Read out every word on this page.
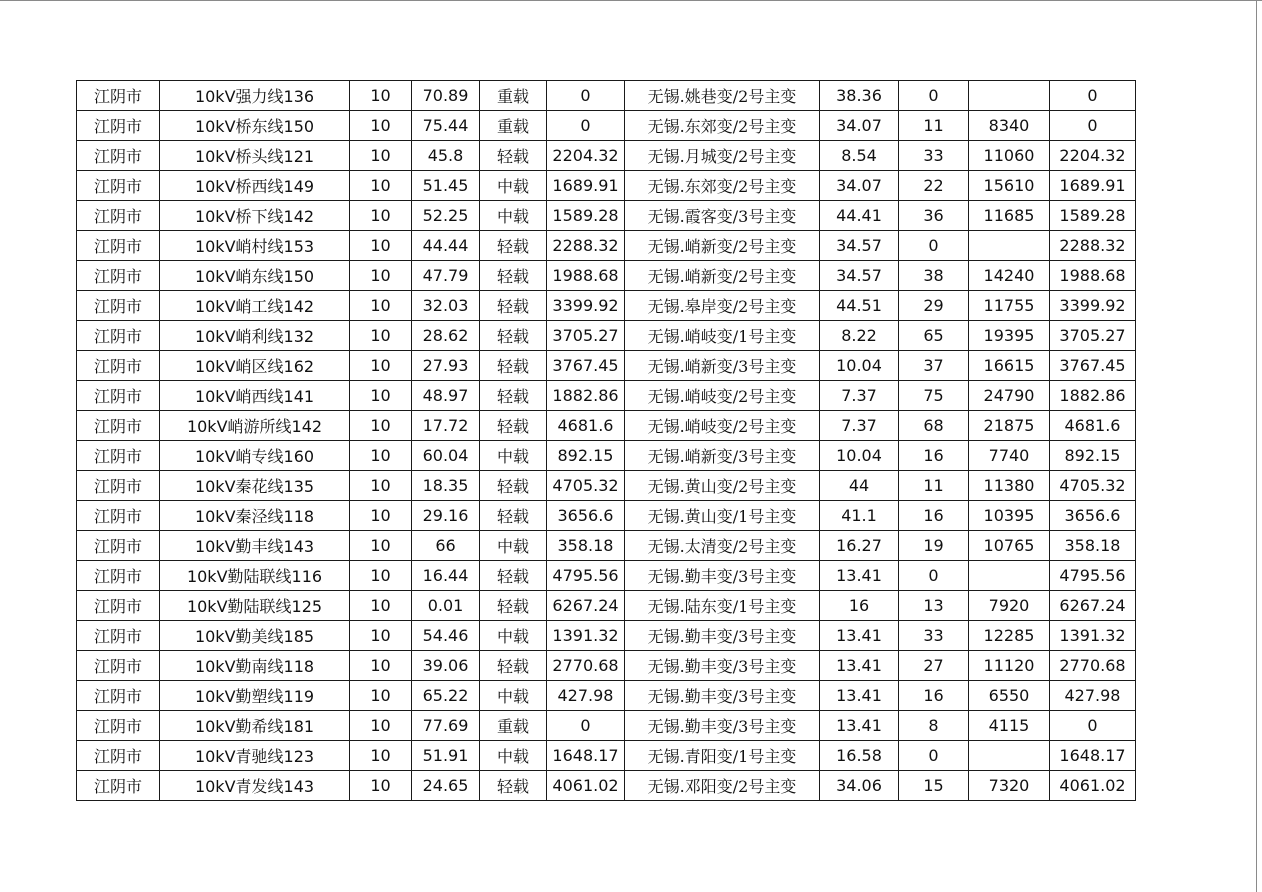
江阴市	10kV强力线136	10	70.89	重载	0	无锡.姚巷变/2号主变	38.36	0		0
江阴市	10kV桥东线150	10	75.44	重载	0	无锡.东郊变/2号主变	34.07	11	8340	0
江阴市	10kV桥头线121	10	45.8	轻载	2204.32	无锡.月城变/2号主变	8.54	33	11060	2204.32
江阴市	10kV桥西线149	10	51.45	中载	1689.91	无锡.东郊变/2号主变	34.07	22	15610	1689.91
江阴市	10kV桥下线142	10	52.25	中载	1589.28	无锡.霞客变/3号主变	44.41	36	11685	1589.28
江阴市	10kV峭村线153	10	44.44	轻载	2288.32	无锡.峭新变/2号主变	34.57	0		2288.32
江阴市	10kV峭东线150	10	47.79	轻载	1988.68	无锡.峭新变/2号主变	34.57	38	14240	1988.68
江阴市	10kV峭工线142	10	32.03	轻载	3399.92	无锡.皋岸变/2号主变	44.51	29	11755	3399.92
江阴市	10kV峭利线132	10	28.62	轻载	3705.27	无锡.峭岐变/1号主变	8.22	65	19395	3705.27
江阴市	10kV峭区线162	10	27.93	轻载	3767.45	无锡.峭新变/3号主变	10.04	37	16615	3767.45
江阴市	10kV峭西线141	10	48.97	轻载	1882.86	无锡.峭岐变/2号主变	7.37	75	24790	1882.86
江阴市	10kV峭游所线142	10	17.72	轻载	4681.6	无锡.峭岐变/2号主变	7.37	68	21875	4681.6
江阴市	10kV峭专线160	10	60.04	中载	892.15	无锡.峭新变/3号主变	10.04	16	7740	892.15
江阴市	10kV秦花线135	10	18.35	轻载	4705.32	无锡.黄山变/2号主变	44	11	11380	4705.32
江阴市	10kV秦泾线118	10	29.16	轻载	3656.6	无锡.黄山变/1号主变	41.1	16	10395	3656.6
江阴市	10kV勤丰线143	10	66	中载	358.18	无锡.太清变/2号主变	16.27	19	10765	358.18
江阴市	10kV勤陆联线116	10	16.44	轻载	4795.56	无锡.勤丰变/3号主变	13.41	0		4795.56
江阴市	10kV勤陆联线125	10	0.01	轻载	6267.24	无锡.陆东变/1号主变	16	13	7920	6267.24
江阴市	10kV勤美线185	10	54.46	中载	1391.32	无锡.勤丰变/3号主变	13.41	33	12285	1391.32
江阴市	10kV勤南线118	10	39.06	轻载	2770.68	无锡.勤丰变/3号主变	13.41	27	11120	2770.68
江阴市	10kV勤塑线119	10	65.22	中载	427.98	无锡.勤丰变/3号主变	13.41	16	6550	427.98
江阴市	10kV勤希线181	10	77.69	重载	0	无锡.勤丰变/3号主变	13.41	8	4115	0
江阴市	10kV青驰线123	10	51.91	中载	1648.17	无锡.青阳变/1号主变	16.58	0		1648.17
江阴市	10kV青发线143	10	24.65	轻载	4061.02	无锡.邓阳变/2号主变	34.06	15	7320	4061.02
